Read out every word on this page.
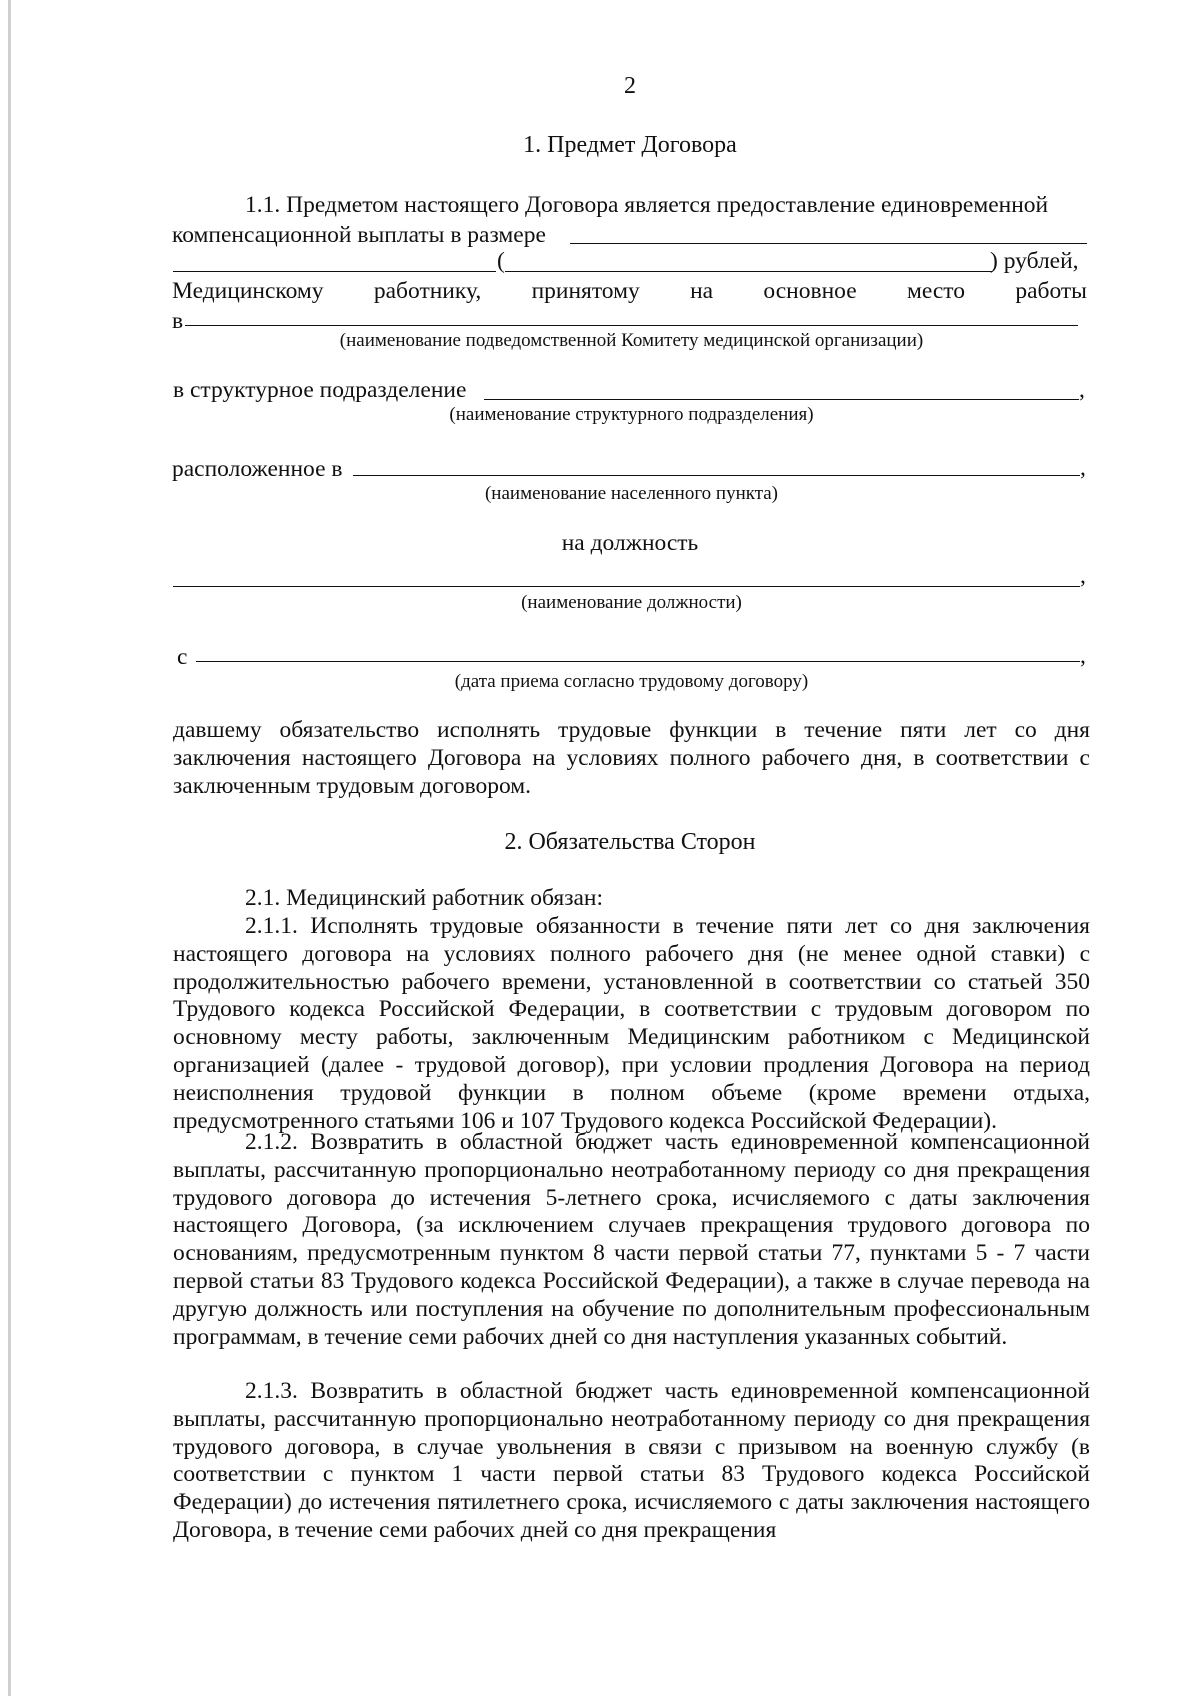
2
1. Предмет Договора
1.1. Предметом настоящего Договора является предоставление единовременной
компенсационной выплаты в размере
(	) рублей,
Медицинскому работнику, принятому на основное место работы
в
(наименование подведомственной Комитету медицинской организации)
в структурное подразделение	,
(наименование структурного подразделения)
расположенное в	,
(наименование населенного пункта)
на должность
,
(наименование должности)
с	,
(дата приема согласно трудовому договору)
давшему обязательство исполнять трудовые функции в течение пяти лет со дня заключения настоящего Договора на условиях полного рабочего дня, в соответствии с заключенным трудовым договором.
2. Обязательства Сторон
2.1. Медицинский работник обязан:
2.1.1. Исполнять трудовые обязанности в течение пяти лет со дня заключения настоящего договора на условиях полного рабочего дня (не менее одной ставки) с продолжительностью рабочего времени, установленной в соответствии со статьей 350 Трудового кодекса Российской Федерации, в соответствии с трудовым договором по основному месту работы, заключенным Медицинским работником с Медицинской организацией (далее - трудовой договор), при условии продления Договора на период неисполнения трудовой функции в полном объеме (кроме времени отдыха, предусмотренного статьями 106 и 107 Трудового кодекса Российской Федерации).
2.1.2. Возвратить в областной бюджет часть единовременной компенсационной выплаты, рассчитанную пропорционально неотработанному периоду со дня прекращения трудового договора до истечения 5-летнего срока, исчисляемого с даты заключения настоящего Договора, (за исключением случаев прекращения трудового договора по основаниям, предусмотренным пунктом 8 части первой статьи 77, пунктами 5 - 7 части первой статьи 83 Трудового кодекса Российской Федерации), а также в случае перевода на другую должность или поступления на обучение по дополнительным профессиональным программам, в течение семи рабочих дней со дня наступления указанных событий.
2.1.3. Возвратить в областной бюджет часть единовременной компенсационной выплаты, рассчитанную пропорционально неотработанному периоду со дня прекращения трудового договора, в случае увольнения в связи с призывом на военную службу (в соответствии с пунктом 1 части первой статьи 83 Трудового кодекса Российской Федерации) до истечения пятилетнего срока, исчисляемого с даты заключения настоящего Договора, в течение семи рабочих дней со дня прекращения
